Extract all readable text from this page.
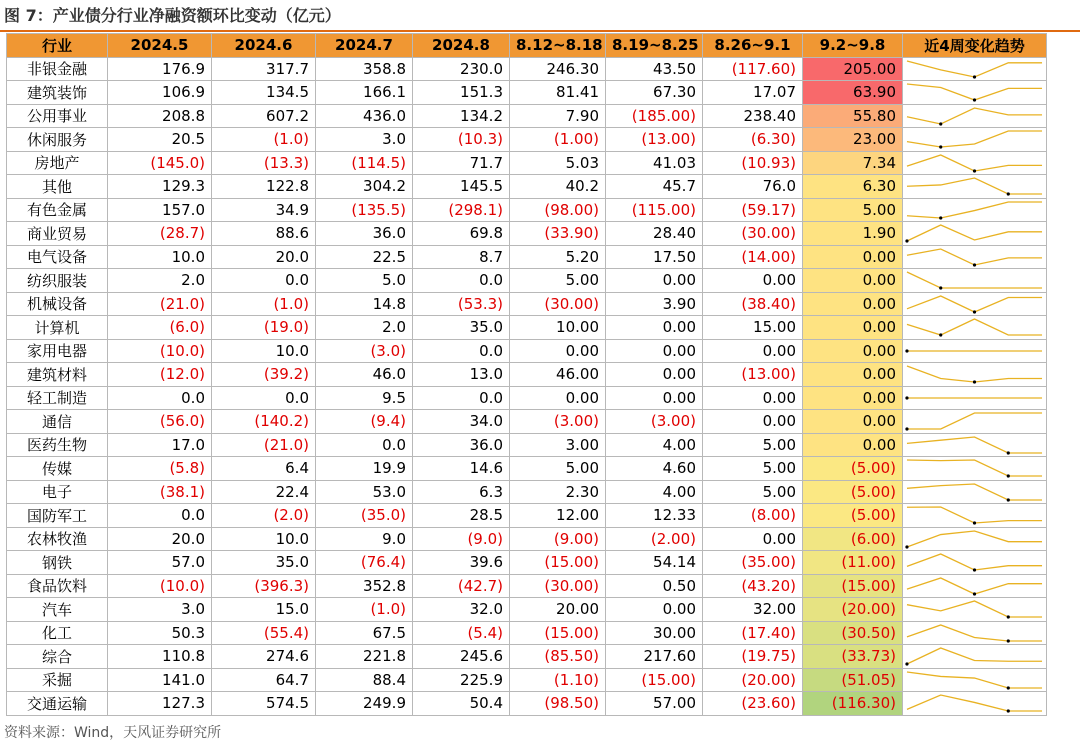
图 7：产业债分行业净融资额环比变动（亿元）
行业	2024.5	2024.6	2024.7	2024.8	8.12~8.18	8.19~8.25	8.26~9.1	9.2~9.8	近4周变化趋势
非银金融	176.9	317.7	358.8	230.0	246.30	43.50	(117.60)	205.00	

建筑装饰	106.9	134.5	166.1	151.3	81.41	67.30	17.07	63.90	

公用事业	208.8	607.2	436.0	134.2	7.90	(185.00)	238.40	55.80	

休闲服务	20.5	(1.0)	3.0	(10.3)	(1.00)	(13.00)	(6.30)	23.00	

房地产	(145.0)	(13.3)	(114.5)	71.7	5.03	41.03	(10.93)	7.34	

其他	129.3	122.8	304.2	145.5	40.2	45.7	76.0	6.30	

有色金属	157.0	34.9	(135.5)	(298.1)	(98.00)	(115.00)	(59.17)	5.00	

商业贸易	(28.7)	88.6	36.0	69.8	(33.90)	28.40	(30.00)	1.90	

电气设备	10.0	20.0	22.5	8.7	5.20	17.50	(14.00)	0.00	

纺织服装	2.0	0.0	5.0	0.0	5.00	0.00	0.00	0.00	

机械设备	(21.0)	(1.0)	14.8	(53.3)	(30.00)	3.90	(38.40)	0.00	

计算机	(6.0)	(19.0)	2.0	35.0	10.00	0.00	15.00	0.00	

家用电器	(10.0)	10.0	(3.0)	0.0	0.00	0.00	0.00	0.00	

建筑材料	(12.0)	(39.2)	46.0	13.0	46.00	0.00	(13.00)	0.00	

轻工制造	0.0	0.0	9.5	0.0	0.00	0.00	0.00	0.00	

通信	(56.0)	(140.2)	(9.4)	34.0	(3.00)	(3.00)	0.00	0.00	

医药生物	17.0	(21.0)	0.0	36.0	3.00	4.00	5.00	0.00	

传媒	(5.8)	6.4	19.9	14.6	5.00	4.60	5.00	(5.00)	

电子	(38.1)	22.4	53.0	6.3	2.30	4.00	5.00	(5.00)	

国防军工	0.0	(2.0)	(35.0)	28.5	12.00	12.33	(8.00)	(5.00)	

农林牧渔	20.0	10.0	9.0	(9.0)	(9.00)	(2.00)	0.00	(6.00)	

钢铁	57.0	35.0	(76.4)	39.6	(15.00)	54.14	(35.00)	(11.00)	

食品饮料	(10.0)	(396.3)	352.8	(42.7)	(30.00)	0.50	(43.20)	(15.00)	

汽车	3.0	15.0	(1.0)	32.0	20.00	0.00	32.00	(20.00)	

化工	50.3	(55.4)	67.5	(5.4)	(15.00)	30.00	(17.40)	(30.50)	

综合	110.8	274.6	221.8	245.6	(85.50)	217.60	(19.75)	(33.73)	

采掘	141.0	64.7	88.4	225.9	(1.10)	(15.00)	(20.00)	(51.05)	

交通运输	127.3	574.5	249.9	50.4	(98.50)	57.00	(23.60)	(116.30)	
资料来源：Wind，天风证券研究所
